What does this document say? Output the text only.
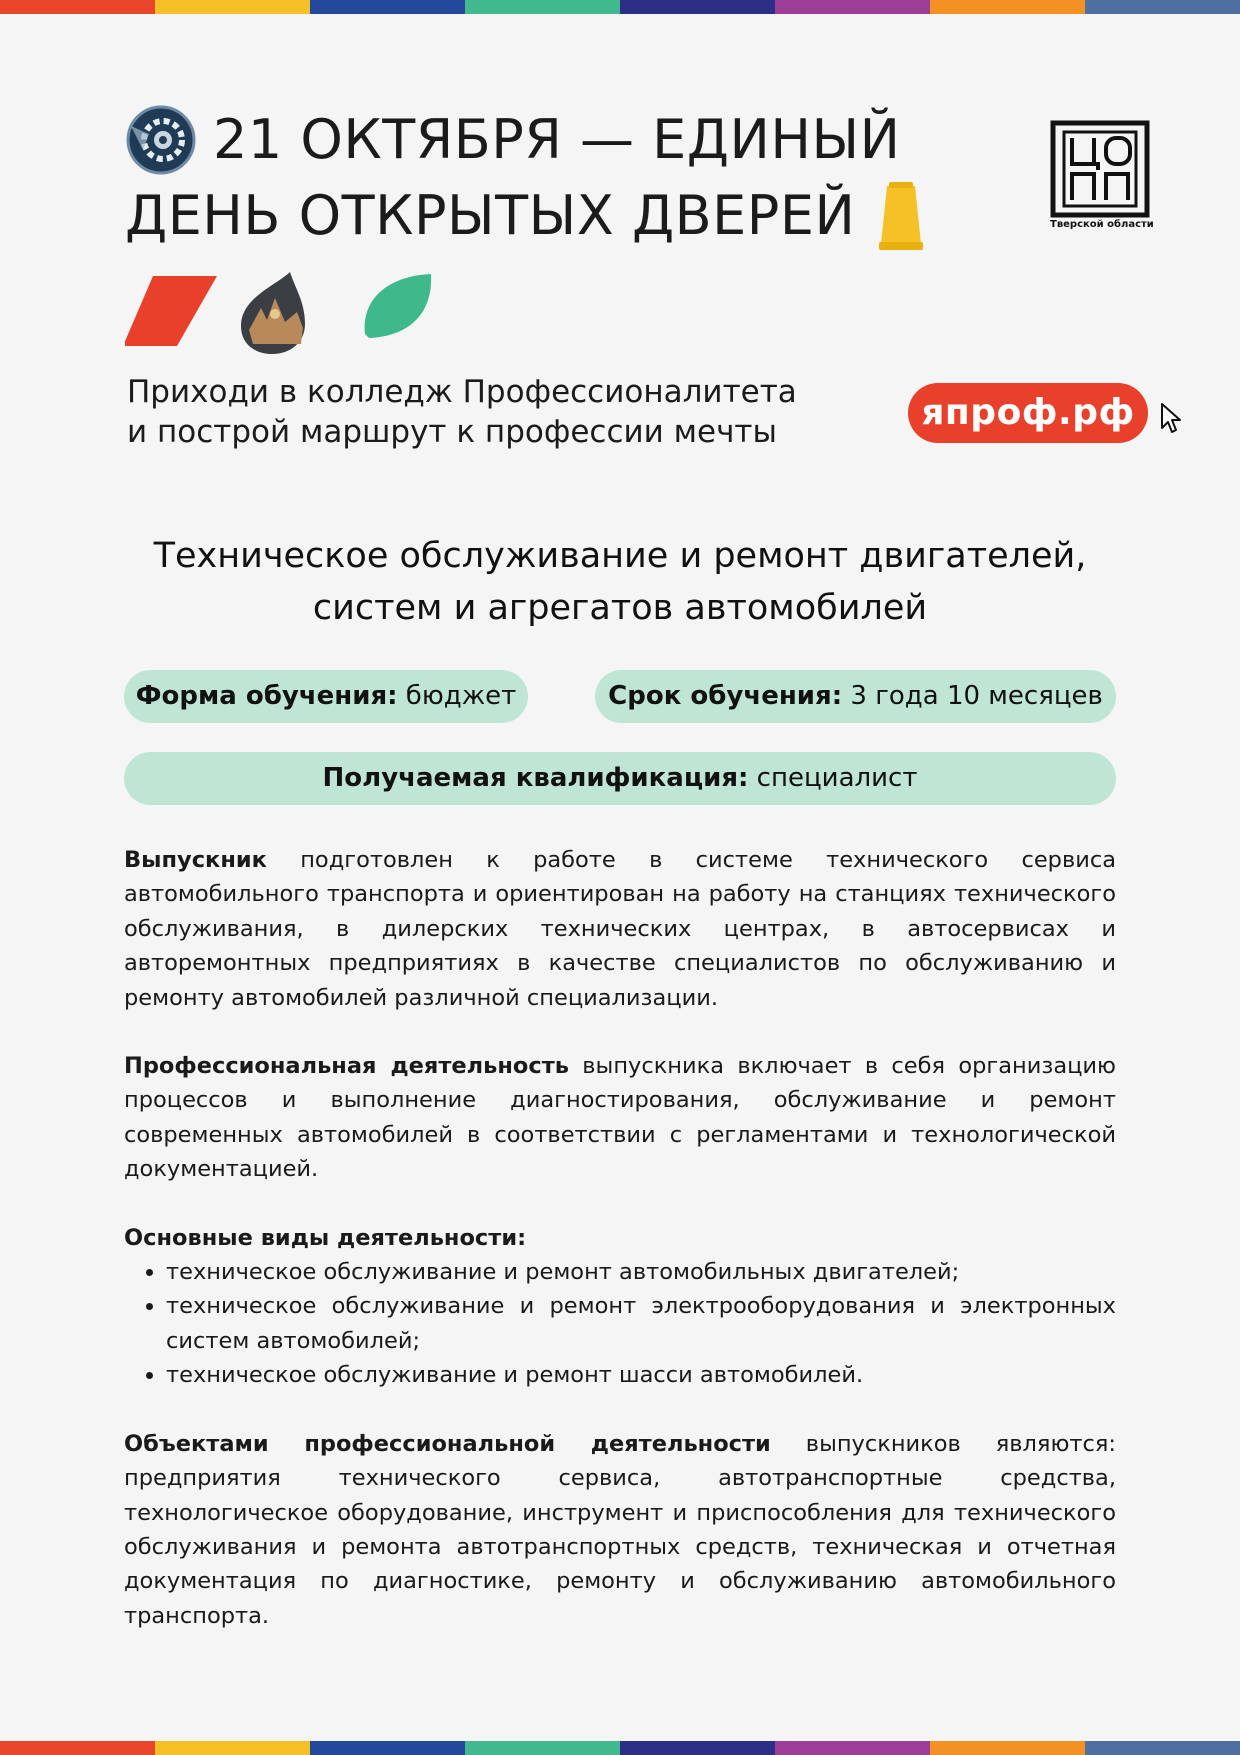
21 ОКТЯБРЯ — ЕДИНЫЙ
ДЕНЬ ОТКРЫТЫХ ДВЕРЕЙ	Тверской области
Приходи в колледж Профессионалитета
и построй маршрут к профессии мечты	япроф.рф
Техническое обслуживание и ремонт двигателей,
систем и агрегатов автомобилей
Форма обучения: бюджет	Срок обучения: 3 года 10 месяцев
Получаемая квалификация: специалист

Выпускник подготовлен к работе в системе технического сервиса автомобильного транспорта и ориентирован на работу на станциях технического обслуживания, в дилерских технических центрах, в автосервисах и авторемонтных предприятиях в качестве специалистов по обслуживанию и ремонту автомобилей различной специализации.

Профессиональная деятельность выпускника включает в себя организацию процессов и выполнение диагностирования, обслуживание и ремонт современных автомобилей в соответствии с регламентами и технологической документацией.

Основные виды деятельности:
• техническое обслуживание и ремонт автомобильных двигателей;
• техническое обслуживание и ремонт электрооборудования и электронных систем автомобилей;
• техническое обслуживание и ремонт шасси автомобилей.

Объектами профессиональной деятельности выпускников являются: предприятия технического сервиса, автотранспортные средства, технологическое оборудование, инструмент и приспособления для технического обслуживания и ремонта автотранспортных средств, техническая и отчетная документация по диагностике, ремонту и обслуживанию автомобильного транспорта.
